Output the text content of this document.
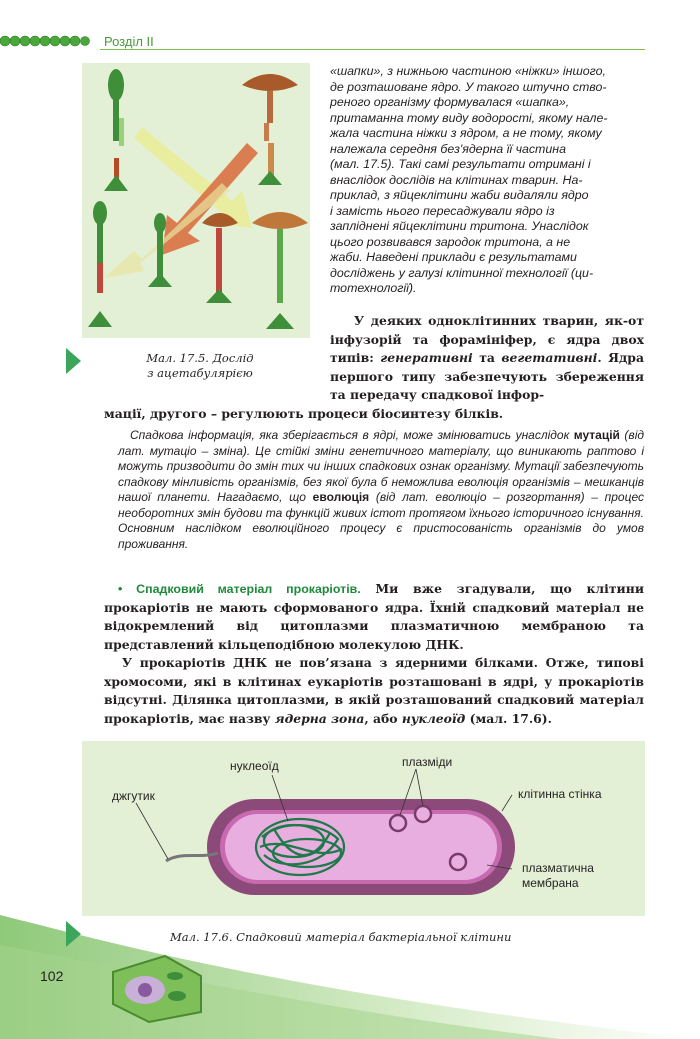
Розділ II
Мал. 17.5. Дослід
з ацетабулярією
«шапки», з нижньою частиною «ніжки» іншого,
де розташоване ядро. У такого штучно ство-
реного організму формувалася «шапка»,
притаманна тому виду водорості, якому нале-
жала частина ніжки з ядром, а не тому, якому
належала середня без'ядерна її частина
(мал. 17.5). Такі самі результати отримані і
внаслідок дослідів на клітинах тварин. На-
приклад, з яйцеклітини жаби видаляли ядро
і замість нього пересаджували ядро із
запліднені яйцеклітини тритона. Унаслідок
цього розвивався зародок тритона, а не
жаби. Наведені приклади є результатами
досліджень у галузі клітинної технології (ци-
тотехнології).
У деяких одноклітинних тварин, як-от інфузорій та форамініфер, є ядра двох типів: генеративні та вегетативні. Ядра першого типу забезпечують збереження та передачу спадкової інфор-
мації, другого – регулюють процеси біосинтезу білків.
Спадкова інформація, яка зберігається в ядрі, може змінюватись унаслідок мутацій (від лат. мутаціо – зміна). Це стійкі зміни генетичного матеріалу, що виникають раптово і можуть призводити до змін тих чи інших спадкових ознак організму. Мутації забезпечують спадкову мінливість організмів, без якої була б неможлива еволюція організмів – мешканців нашої планети. Нагадаємо, що еволюція (від лат. еволюціо – розгортання) – процес необоротних змін будови та функцій живих істот протягом їхнього історичного існування. Основним наслідком еволюційного процесу є пристосованість організмів до умов проживання.
• Спадковий матеріал прокаріотів. Ми вже згадували, що клітини прокаріотів не мають сформованого ядра. Їхній спадковий матеріал не відокремлений від цитоплазми плазматичною мембраною та представлений кільцеподібною молекулою ДНК.
У прокаріотів ДНК не пов’язана з ядерними білками. Отже, типові хромосоми, які в клітинах еукаріотів розташовані в ядрі, у прокаріотів відсутні. Ділянка цитоплазми, в якій розташований спадковий матеріал прокаріотів, має назву ядерна зона, або нуклеоїд (мал. 17.6).
нуклеоїд	плазміди
джгутик	клітинна стінка
плазматична
мембрана
Мал. 17.6. Спадковий матеріал бактеріальної клітини
102
